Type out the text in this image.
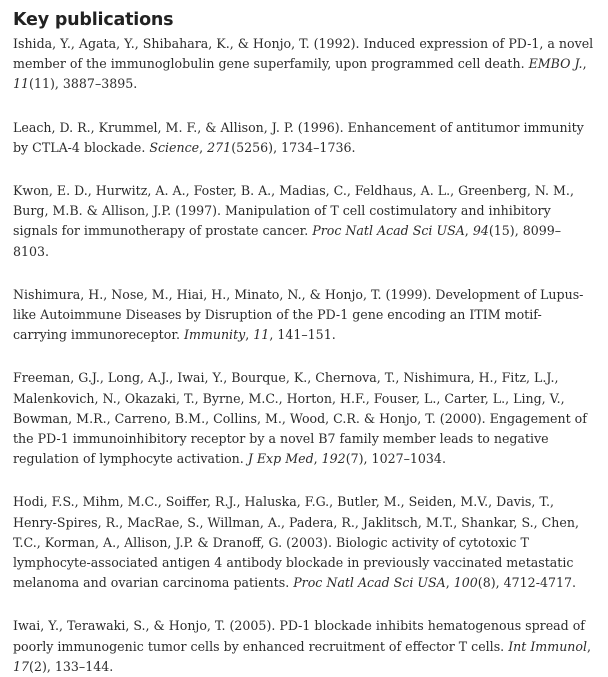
Key publications

Ishida, Y., Agata, Y., Shibahara, K., & Honjo, T. (1992). Induced expression of PD-1, a novel member of the immunoglobulin gene superfamily, upon programmed cell death. EMBO J., 11(11), 3887–3895.

Leach, D. R., Krummel, M. F., & Allison, J. P. (1996). Enhancement of antitumor immunity by CTLA-4 blockade. Science, 271(5256), 1734–1736.

Kwon, E. D., Hurwitz, A. A., Foster, B. A., Madias, C., Feldhaus, A. L., Greenberg, N. M., Burg, M.B. & Allison, J.P. (1997). Manipulation of T cell costimulatory and inhibitory signals for immunotherapy of prostate cancer. Proc Natl Acad Sci USA, 94(15), 8099–8103.

Nishimura, H., Nose, M., Hiai, H., Minato, N., & Honjo, T. (1999). Development of Lupus-like Autoimmune Diseases by Disruption of the PD-1 gene encoding an ITIM motif-carrying immunoreceptor. Immunity, 11, 141–151.

Freeman, G.J., Long, A.J., Iwai, Y., Bourque, K., Chernova, T., Nishimura, H., Fitz, L.J., Malenkovich, N., Okazaki, T., Byrne, M.C., Horton, H.F., Fouser, L., Carter, L., Ling, V., Bowman, M.R., Carreno, B.M., Collins, M., Wood, C.R. & Honjo, T. (2000). Engagement of the PD-1 immunoinhibitory receptor by a novel B7 family member leads to negative regulation of lymphocyte activation. J Exp Med, 192(7), 1027–1034.

Hodi, F.S., Mihm, M.C., Soiffer, R.J., Haluska, F.G., Butler, M., Seiden, M.V., Davis, T., Henry-Spires, R., MacRae, S., Willman, A., Padera, R., Jaklitsch, M.T., Shankar, S., Chen, T.C., Korman, A., Allison, J.P. & Dranoff, G. (2003). Biologic activity of cytotoxic T lymphocyte-associated antigen 4 antibody blockade in previously vaccinated metastatic melanoma and ovarian carcinoma patients. Proc Natl Acad Sci USA, 100(8), 4712-4717.

Iwai, Y., Terawaki, S., & Honjo, T. (2005). PD-1 blockade inhibits hematogenous spread of poorly immunogenic tumor cells by enhanced recruitment of effector T cells. Int Immunol, 17(2), 133–144.
